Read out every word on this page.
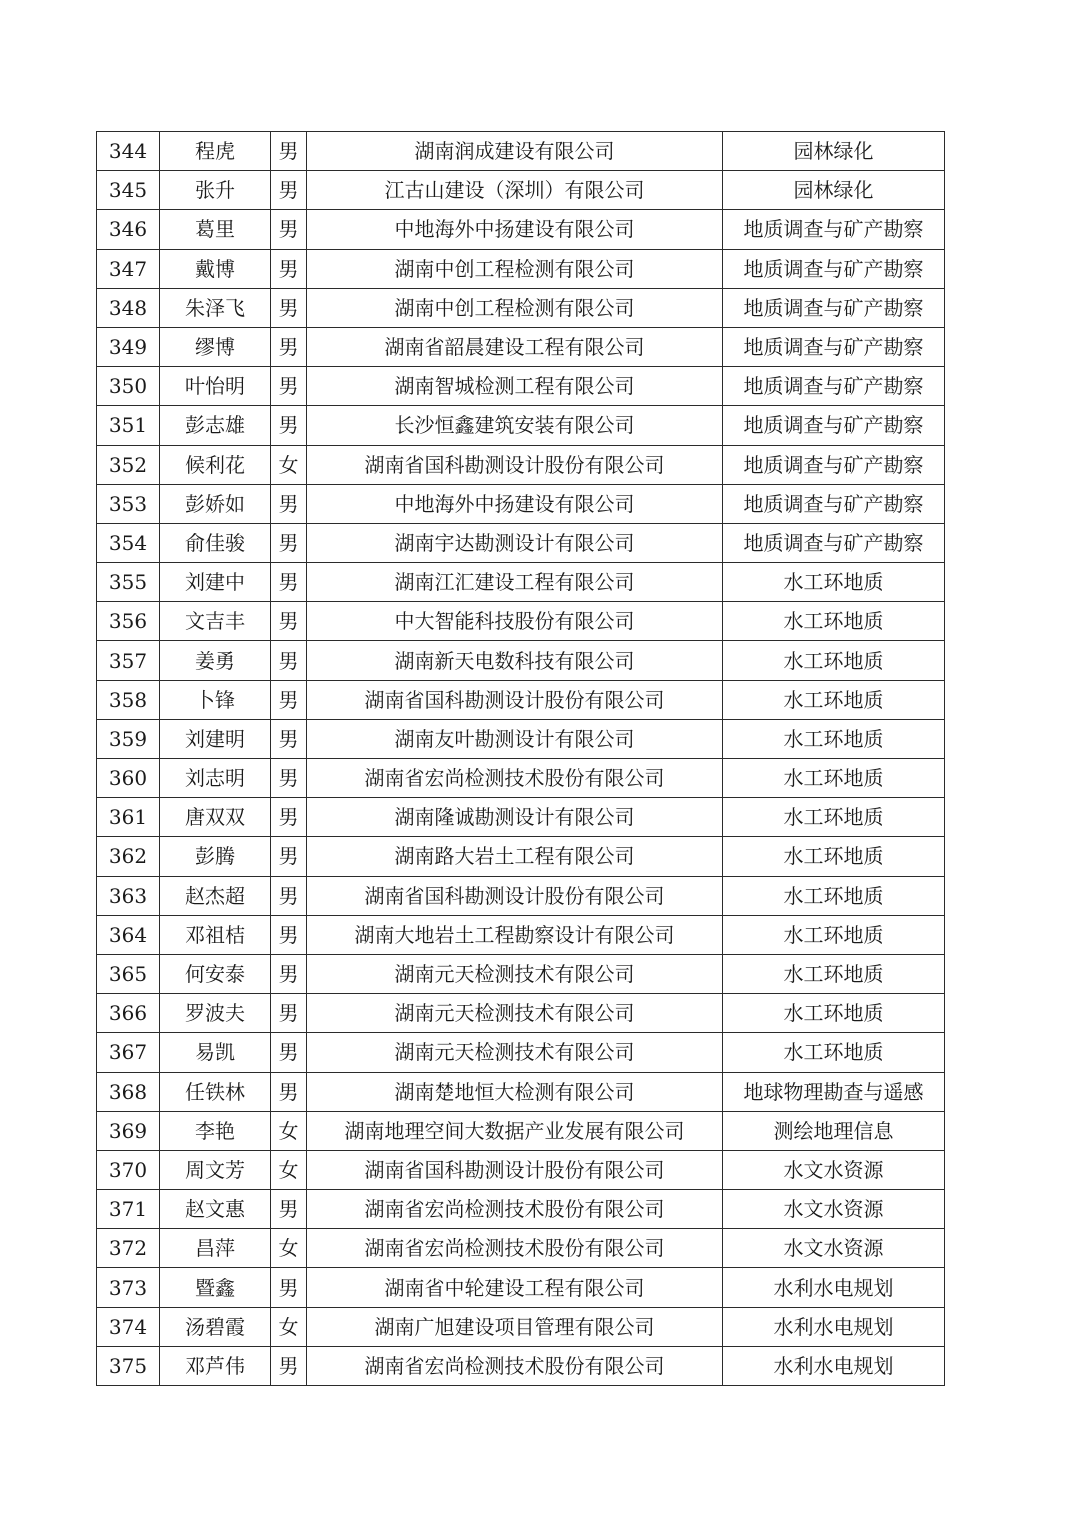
344	程虎	男	湖南润成建设有限公司	园林绿化
345	张升	男	江古山建设（深圳）有限公司	园林绿化
346	葛里	男	中地海外中扬建设有限公司	地质调查与矿产勘察
347	戴博	男	湖南中创工程检测有限公司	地质调查与矿产勘察
348	朱泽飞	男	湖南中创工程检测有限公司	地质调查与矿产勘察
349	缪博	男	湖南省韶晨建设工程有限公司	地质调查与矿产勘察
350	叶怡明	男	湖南智城检测工程有限公司	地质调查与矿产勘察
351	彭志雄	男	长沙恒鑫建筑安装有限公司	地质调查与矿产勘察
352	候利花	女	湖南省国科勘测设计股份有限公司	地质调查与矿产勘察
353	彭娇如	男	中地海外中扬建设有限公司	地质调查与矿产勘察
354	俞佳骏	男	湖南宇达勘测设计有限公司	地质调查与矿产勘察
355	刘建中	男	湖南江汇建设工程有限公司	水工环地质
356	文吉丰	男	中大智能科技股份有限公司	水工环地质
357	姜勇	男	湖南新天电数科技有限公司	水工环地质
358	卜锋	男	湖南省国科勘测设计股份有限公司	水工环地质
359	刘建明	男	湖南友叶勘测设计有限公司	水工环地质
360	刘志明	男	湖南省宏尚检测技术股份有限公司	水工环地质
361	唐双双	男	湖南隆诚勘测设计有限公司	水工环地质
362	彭腾	男	湖南路大岩土工程有限公司	水工环地质
363	赵杰超	男	湖南省国科勘测设计股份有限公司	水工环地质
364	邓祖桔	男	湖南大地岩土工程勘察设计有限公司	水工环地质
365	何安泰	男	湖南元天检测技术有限公司	水工环地质
366	罗波夫	男	湖南元天检测技术有限公司	水工环地质
367	易凯	男	湖南元天检测技术有限公司	水工环地质
368	任铁林	男	湖南楚地恒大检测有限公司	地球物理勘查与遥感
369	李艳	女	湖南地理空间大数据产业发展有限公司	测绘地理信息
370	周文芳	女	湖南省国科勘测设计股份有限公司	水文水资源
371	赵文惠	男	湖南省宏尚检测技术股份有限公司	水文水资源
372	昌萍	女	湖南省宏尚检测技术股份有限公司	水文水资源
373	暨鑫	男	湖南省中轮建设工程有限公司	水利水电规划
374	汤碧霞	女	湖南广旭建设项目管理有限公司	水利水电规划
375	邓芦伟	男	湖南省宏尚检测技术股份有限公司	水利水电规划
